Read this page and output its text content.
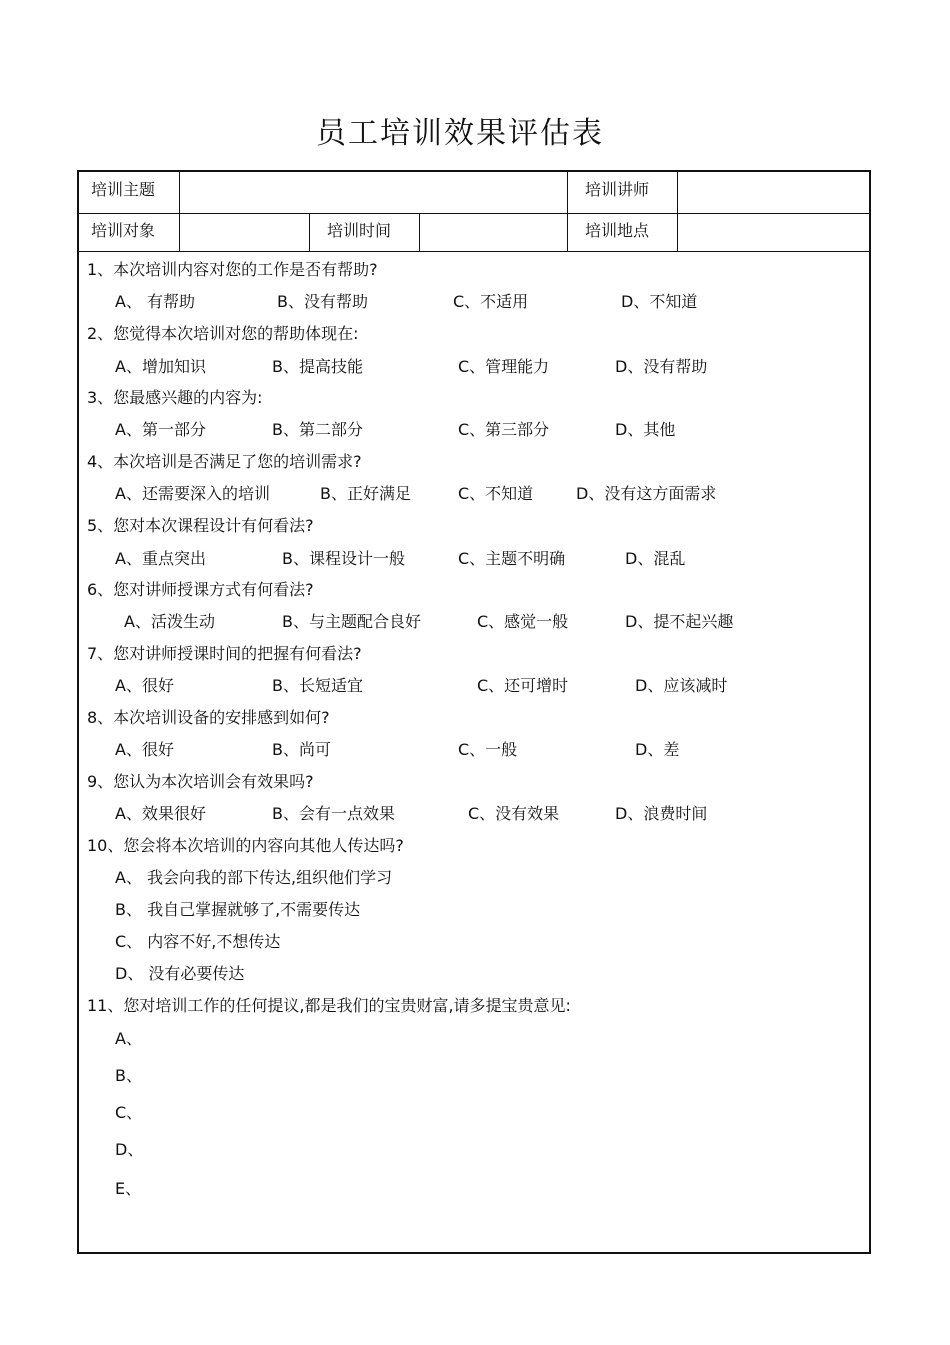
员工培训效果评估表
培训主题	培训讲师
培训对象	培训时间	培训地点
1、本次培训内容对您的工作是否有帮助?
A、 有帮助	B、没有帮助	C、不适用	D、不知道
2、您觉得本次培训对您的帮助体现在:
A、增加知识	B、提高技能	C、管理能力	D、没有帮助
3、您最感兴趣的内容为:
A、第一部分	B、第二部分	C、第三部分	D、其他
4、本次培训是否满足了您的培训需求?
A、还需要深入的培训	B、正好满足	C、不知道	D、没有这方面需求
5、您对本次课程设计有何看法?
A、重点突出	B、课程设计一般	C、主题不明确	D、混乱
6、您对讲师授课方式有何看法?
A、活泼生动	B、与主题配合良好	C、感觉一般	D、提不起兴趣
7、您对讲师授课时间的把握有何看法?
A、很好	B、长短适宜	C、还可增时	D、应该减时
8、本次培训设备的安排感到如何?
A、很好	B、尚可	C、一般	D、差
9、您认为本次培训会有效果吗?
A、效果很好	B、会有一点效果	C、没有效果	D、浪费时间
10、您会将本次培训的内容向其他人传达吗?
A、 我会向我的部下传达,组织他们学习
B、 我自己掌握就够了,不需要传达
C、 内容不好,不想传达
D、 没有必要传达
11、您对培训工作的任何提议,都是我们的宝贵财富,请多提宝贵意见:
A、
B、
C、
D、
E、
